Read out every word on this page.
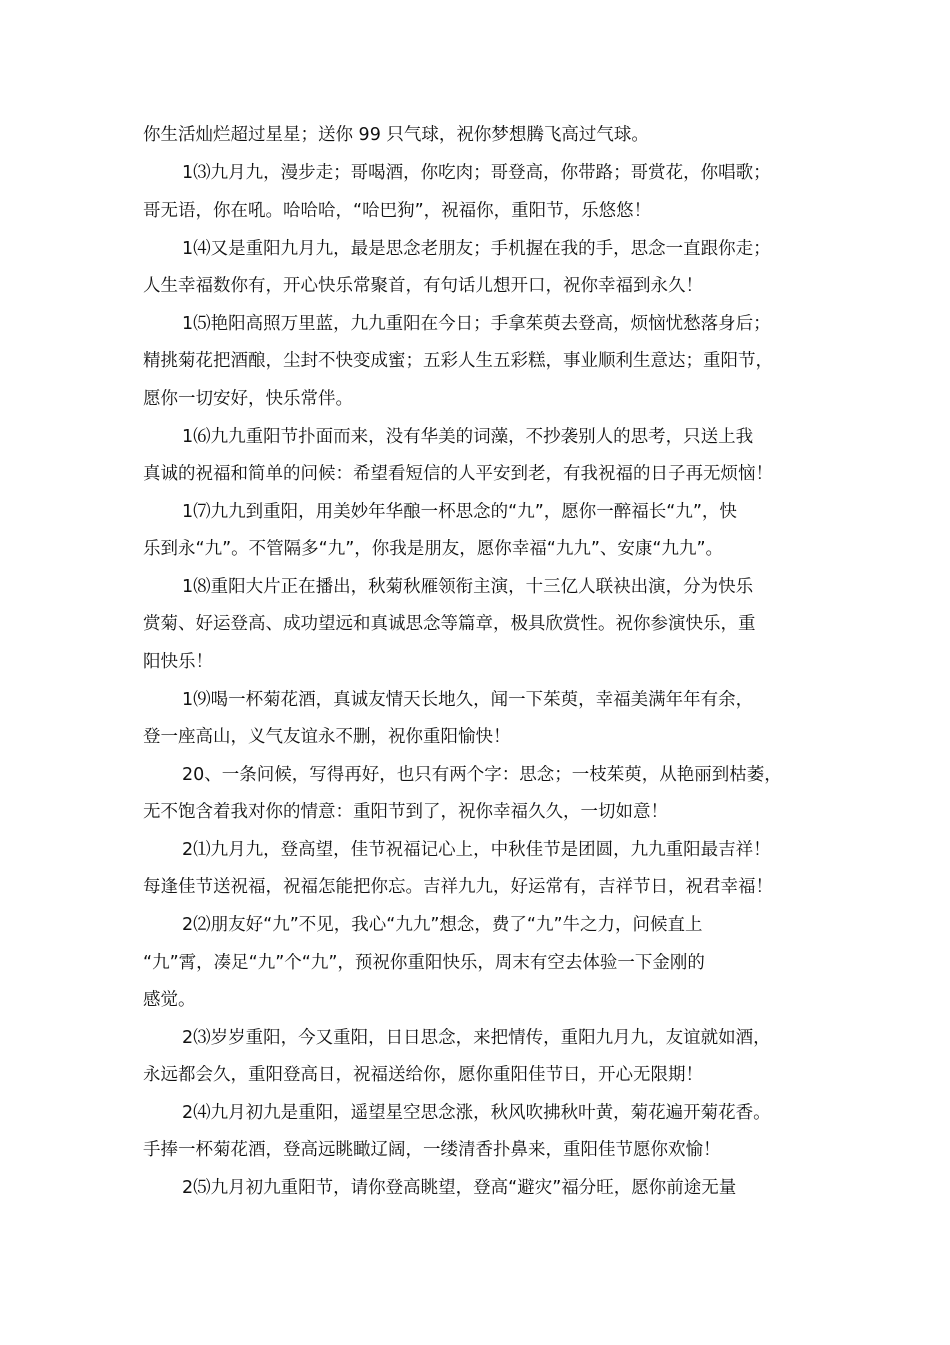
你生活灿烂超过星星；送你 99 只气球，祝你梦想腾飞高过气球。
1⑶九月九，漫步走；哥喝酒，你吃肉；哥登高，你带路；哥赏花，你唱歌；
哥无语，你在吼。哈哈哈，“哈巴狗”，祝福你，重阳节，乐悠悠！
1⑷又是重阳九月九，最是思念老朋友；手机握在我的手，思念一直跟你走；
人生幸福数你有，开心快乐常聚首，有句话儿想开口，祝你幸福到永久！
1⑸艳阳高照万里蓝，九九重阳在今日；手拿茱萸去登高，烦恼忧愁落身后；
精挑菊花把酒酿，尘封不快变成蜜；五彩人生五彩糕，事业顺利生意达；重阳节，
愿你一切安好，快乐常伴。
1⑹九九重阳节扑面而来，没有华美的词藻，不抄袭别人的思考，只送上我
真诚的祝福和简单的问候：希望看短信的人平安到老，有我祝福的日子再无烦恼！
1⑺九九到重阳，用美妙年华酿一杯思念的“九”，愿你一醉福长“九”，快
乐到永“九”。不管隔多“九”，你我是朋友，愿你幸福“九九”、安康“九九”。
1⑻重阳大片正在播出，秋菊秋雁领衔主演，十三亿人联袂出演，分为快乐
赏菊、好运登高、成功望远和真诚思念等篇章，极具欣赏性。祝你参演快乐，重
阳快乐！
1⑼喝一杯菊花酒，真诚友情天长地久，闻一下茱萸，幸福美满年年有余，
登一座高山，义气友谊永不删，祝你重阳愉快！
20、一条问候，写得再好，也只有两个字：思念；一枝茱萸，从艳丽到枯萎，
无不饱含着我对你的情意：重阳节到了，祝你幸福久久，一切如意！
2⑴九月九，登高望，佳节祝福记心上，中秋佳节是团圆，九九重阳最吉祥！
每逢佳节送祝福，祝福怎能把你忘。吉祥九九，好运常有，吉祥节日，祝君幸福！
2⑵朋友好“九”不见，我心“九九”想念，费了“九”牛之力，问候直上
“九”霄，凑足“九”个“九”，预祝你重阳快乐，周末有空去体验一下金刚的
感觉。
2⑶岁岁重阳，今又重阳，日日思念，来把情传，重阳九月九，友谊就如酒，
永远都会久，重阳登高日，祝福送给你，愿你重阳佳节日，开心无限期！
2⑷九月初九是重阳，遥望星空思念涨，秋风吹拂秋叶黄，菊花遍开菊花香。
手捧一杯菊花酒，登高远眺瞰辽阔，一缕清香扑鼻来，重阳佳节愿你欢愉！
2⑸九月初九重阳节，请你登高眺望，登高“避灾”福分旺，愿你前途无量
